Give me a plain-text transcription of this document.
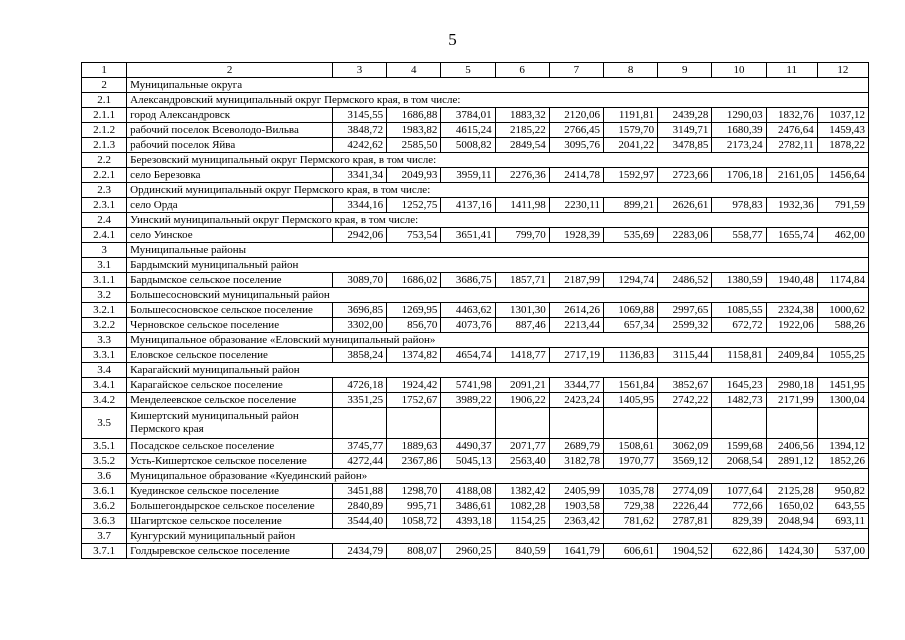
5
1	2	3	4	5	6	7	8	9	10	11	12
2	Муниципальные округа										
2.1	Александровский муниципальный округ Пермского края, в том числе:										
2.1.1	город Александровск	3145,55	1686,88	3784,01	1883,32	2120,06	1191,81	2439,28	1290,03	1832,76	1037,12
2.1.2	рабочий поселок Всеволодо-Вильва	3848,72	1983,82	4615,24	2185,22	2766,45	1579,70	3149,71	1680,39	2476,64	1459,43
2.1.3	рабочий поселок Яйва	4242,62	2585,50	5008,82	2849,54	3095,76	2041,22	3478,85	2173,24	2782,11	1878,22
2.2	Березовский муниципальный округ Пермского края, в том числе:										
2.2.1	село Березовка	3341,34	2049,93	3959,11	2276,36	2414,78	1592,97	2723,66	1706,18	2161,05	1456,64
2.3	Ординский муниципальный округ Пермского края, в том числе:										
2.3.1	село Орда	3344,16	1252,75	4137,16	1411,98	2230,11	899,21	2626,61	978,83	1932,36	791,59
2.4	Уинский муниципальный округ Пермского края, в том числе:										
2.4.1	село Уинское	2942,06	753,54	3651,41	799,70	1928,39	535,69	2283,06	558,77	1655,74	462,00
3	Муниципальные районы										
3.1	Бардымский муниципальный район										
3.1.1	Бардымское сельское поселение	3089,70	1686,02	3686,75	1857,71	2187,99	1294,74	2486,52	1380,59	1940,48	1174,84
3.2	Большесосновский муниципальный район										
3.2.1	Большесосновское сельское поселение	3696,85	1269,95	4463,62	1301,30	2614,26	1069,88	2997,65	1085,55	2324,38	1000,62
3.2.2	Черновское сельское поселение	3302,00	856,70	4073,76	887,46	2213,44	657,34	2599,32	672,72	1922,06	588,26
3.3	Муниципальное образование «Еловский муниципальный район»										
3.3.1	Еловское сельское поселение	3858,24	1374,82	4654,74	1418,77	2717,19	1136,83	3115,44	1158,81	2409,84	1055,25
3.4	Карагайский муниципальный район										
3.4.1	Карагайское сельское поселение	4726,18	1924,42	5741,98	2091,21	3344,77	1561,84	3852,67	1645,23	2980,18	1451,95
3.4.2	Менделеевское сельское поселение	3351,25	1752,67	3989,22	1906,22	2423,24	1405,95	2742,22	1482,73	2171,99	1300,04
3.5	Кишертский муниципальный район Пермского края										
3.5.1	Посадское сельское поселение	3745,77	1889,63	4490,37	2071,77	2689,79	1508,61	3062,09	1599,68	2406,56	1394,12
3.5.2	Усть-Кишертское сельское поселение	4272,44	2367,86	5045,13	2563,40	3182,78	1970,77	3569,12	2068,54	2891,12	1852,26
3.6	Муниципальное образование «Куединский район»										
3.6.1	Куединское сельское поселение	3451,88	1298,70	4188,08	1382,42	2405,99	1035,78	2774,09	1077,64	2125,28	950,82
3.6.2	Большегондырское сельское поселение	2840,89	995,71	3486,61	1082,28	1903,58	729,38	2226,44	772,66	1650,02	643,55
3.6.3	Шагиртское сельское поселение	3544,40	1058,72	4393,18	1154,25	2363,42	781,62	2787,81	829,39	2048,94	693,11
3.7	Кунгурский муниципальный район										
3.7.1	Голдыревское сельское поселение	2434,79	808,07	2960,25	840,59	1641,79	606,61	1904,52	622,86	1424,30	537,00
